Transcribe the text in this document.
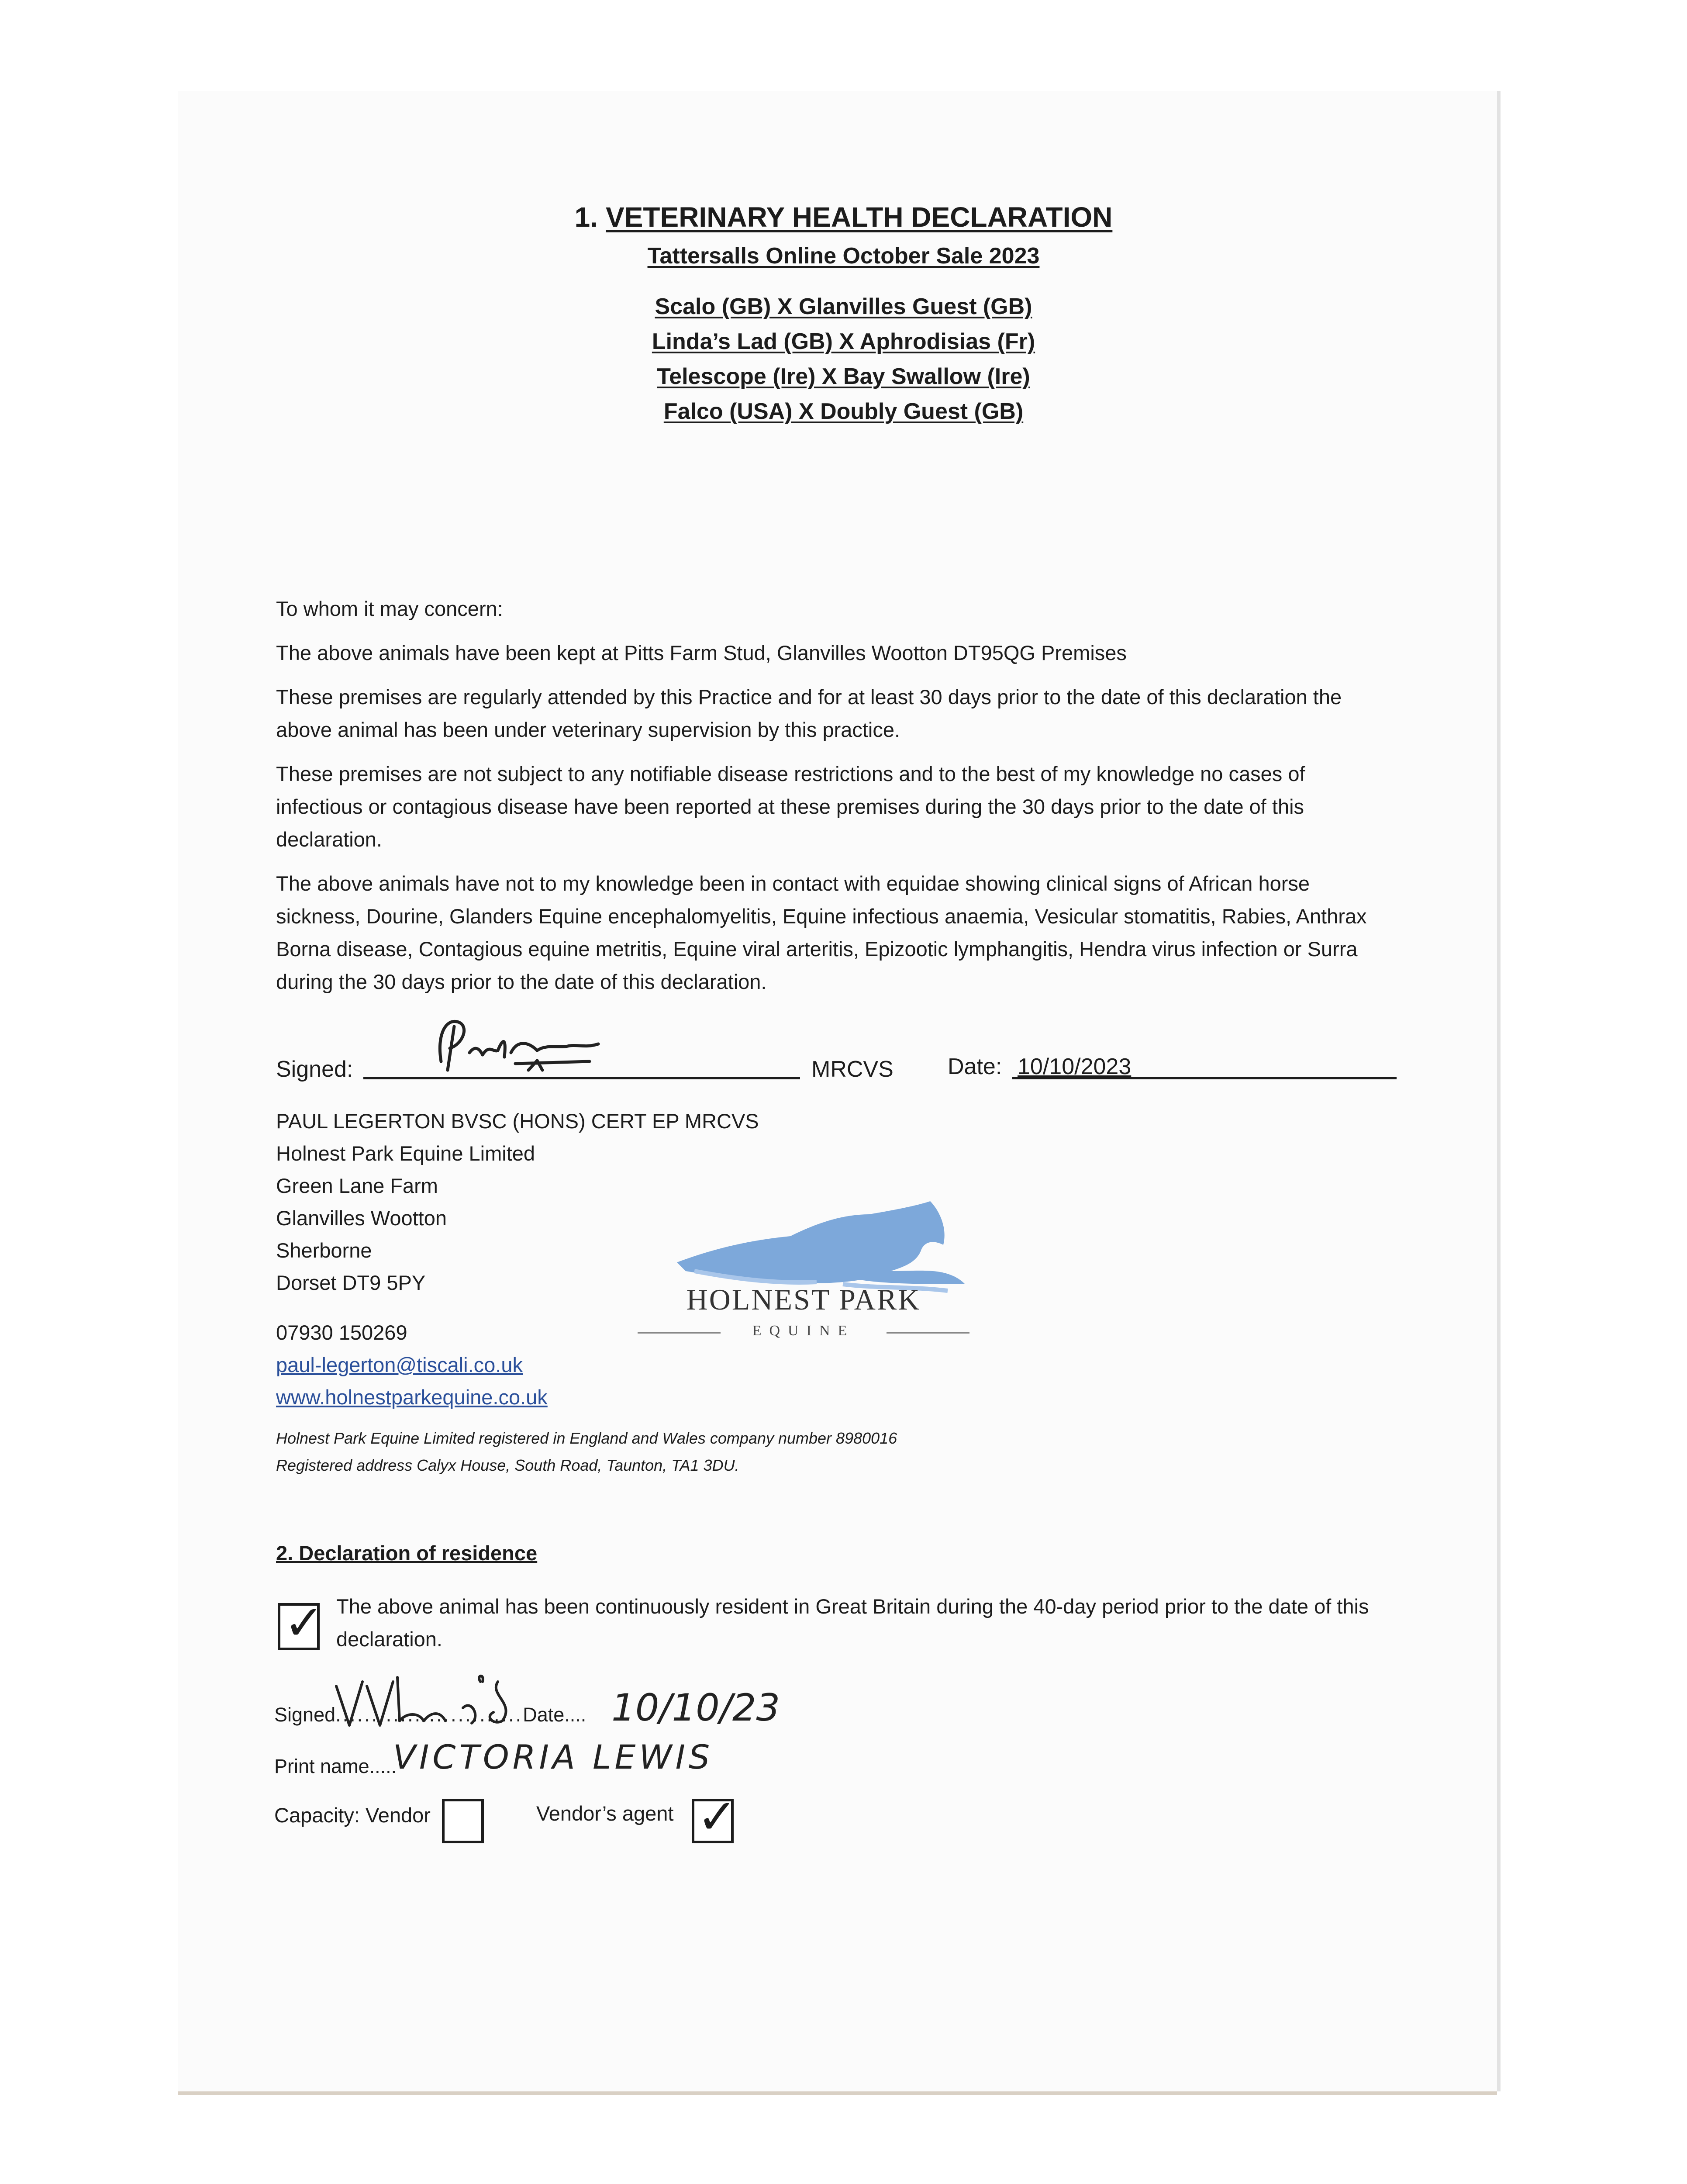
1. VETERINARY HEALTH DECLARATION
Tattersalls Online October Sale 2023
Scalo (GB) X Glanvilles Guest (GB)
Linda’s Lad (GB) X Aphrodisias (Fr)
Telescope (Ire) X Bay Swallow (Ire)
Falco (USA) X Doubly Guest (GB)

To whom it may concern:

The above animals have been kept at Pitts Farm Stud, Glanvilles Wootton DT95QG Premises

These premises are regularly attended by this Practice and for at least 30 days prior to the date of this declaration the above animal has been under veterinary supervision by this practice.

These premises are not subject to any notifiable disease restrictions and to the best of my knowledge no cases of infectious or contagious disease have been reported at these premises during the 30 days prior to the date of this declaration.

The above animals have not to my knowledge been in contact with equidae showing clinical signs of African horse sickness, Dourine, Glanders Equine encephalomyelitis, Equine infectious anaemia, Vesicular stomatitis, Rabies, Anthrax Borna disease, Contagious equine metritis, Equine viral arteritis, Epizootic lymphangitis, Hendra virus infection or Surra during the 30 days prior to the date of this declaration.

Signed:	MRCVS Date: 10/10/2023
PAUL LEGERTON BVSC (HONS) CERT EP MRCVS
Holnest Park Equine Limited
Green Lane Farm
Glanvilles Wootton
Sherborne
Dorset DT9 5PY
07930 150269
paul-legerton@tiscali.co.uk
www.holnestparkequine.co.uk
HOLNEST PARK
EQUINE
Holnest Park Equine Limited registered in England and Wales company number 8980016
Registered address Calyx House, South Road, Taunton, TA1 3DU.
2. Declaration of residence
✓ The above animal has been continuously resident in Great Britain during the 40-day period prior to the date of this declaration.
Signed..........................Date.... 10/10/23
Print name.....
VICTORIA LEWIS
Capacity: Vendor	Vendor’s agent ✓
